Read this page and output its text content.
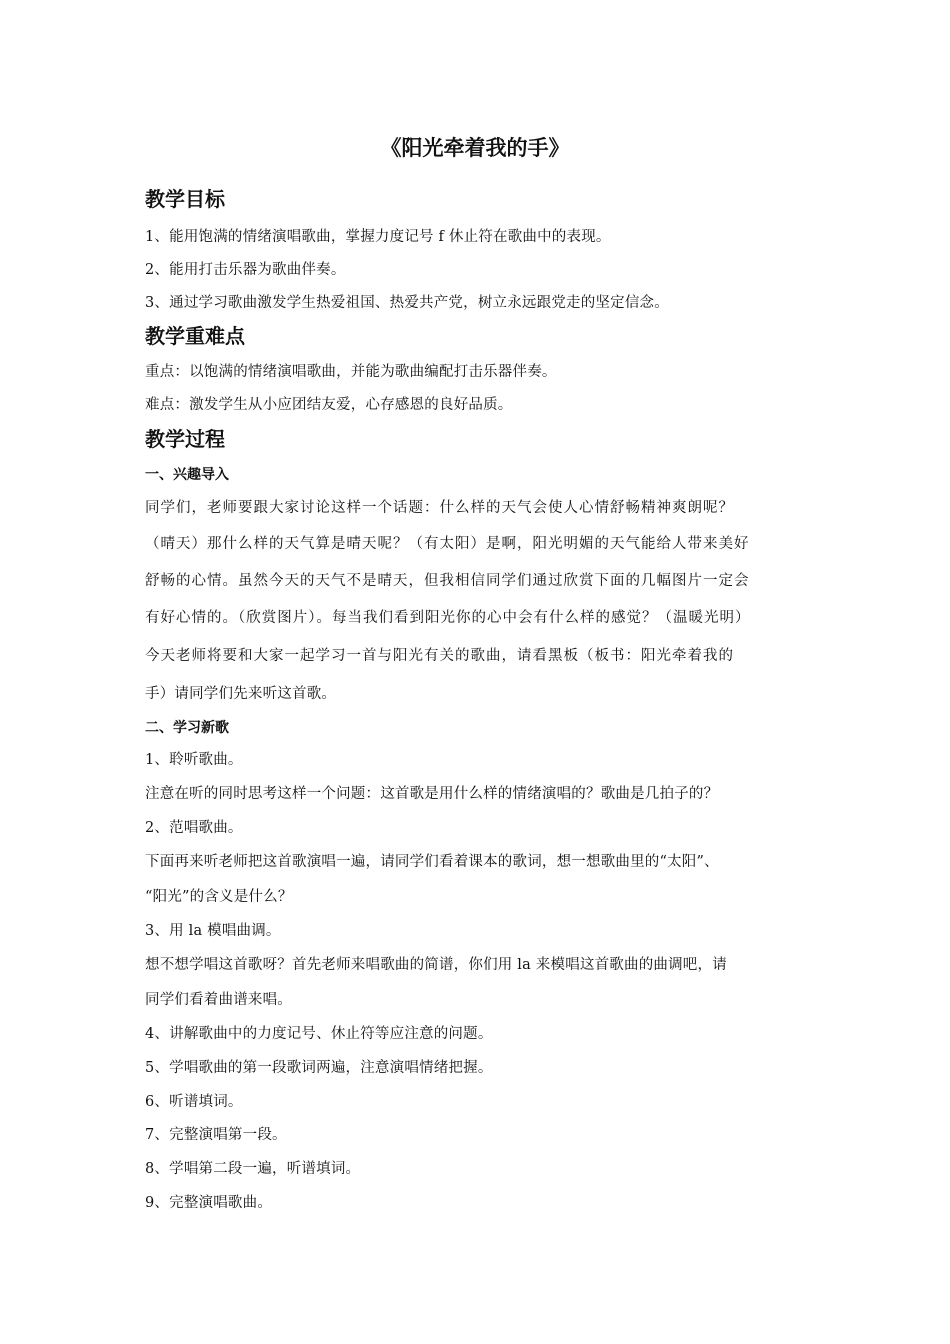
《阳光牵着我的手》
教学目标
1、能用饱满的情绪演唱歌曲，掌握力度记号 f 休止符在歌曲中的表现。
2、能用打击乐器为歌曲伴奏。
3、通过学习歌曲激发学生热爱祖国、热爱共产党，树立永远跟党走的坚定信念。
教学重难点
重点：以饱满的情绪演唱歌曲，并能为歌曲编配打击乐器伴奏。
难点：激发学生从小应团结友爱，心存感恩的良好品质。
教学过程
一、兴趣导入
同学们，老师要跟大家讨论这样一个话题：什么样的天气会使人心情舒畅精神爽朗呢？
（晴天）那什么样的天气算是晴天呢？（有太阳）是啊，阳光明媚的天气能给人带来美好
舒畅的心情。虽然今天的天气不是晴天，但我相信同学们通过欣赏下面的几幅图片一定会
有好心情的。（欣赏图片）。每当我们看到阳光你的心中会有什么样的感觉？（温暖光明）
今天老师将要和大家一起学习一首与阳光有关的歌曲，请看黑板（板书：阳光牵着我的
手）请同学们先来听这首歌。
二、学习新歌
1、聆听歌曲。
注意在听的同时思考这样一个问题：这首歌是用什么样的情绪演唱的？歌曲是几拍子的？
2、范唱歌曲。
下面再来听老师把这首歌演唱一遍，请同学们看着课本的歌词，想一想歌曲里的“太阳”、
“阳光”的含义是什么？
3、用 la 模唱曲调。
想不想学唱这首歌呀？首先老师来唱歌曲的简谱，你们用 la 来模唱这首歌曲的曲调吧，请
同学们看着曲谱来唱。
4、讲解歌曲中的力度记号、休止符等应注意的问题。
5、学唱歌曲的第一段歌词两遍，注意演唱情绪把握。
6、听谱填词。
7、完整演唱第一段。
8、学唱第二段一遍，听谱填词。
9、完整演唱歌曲。
